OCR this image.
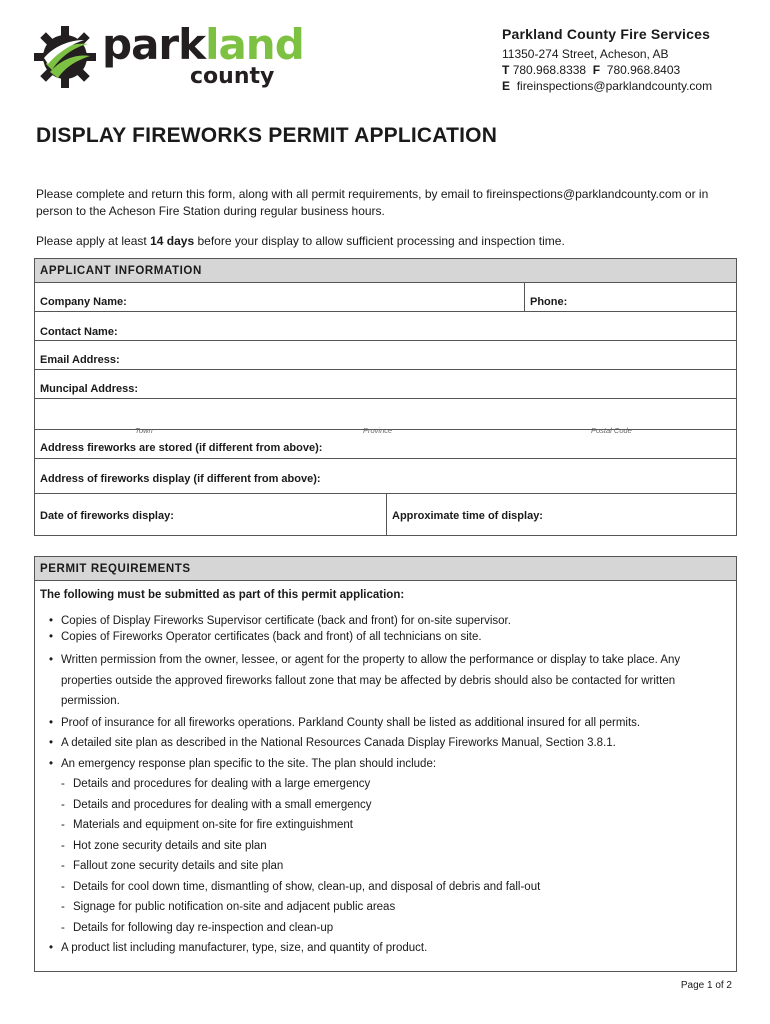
parkland
county
Parkland County Fire Services
11350-274 Street, Acheson, AB
T 780.968.8338 F 780.968.8403
E fireinspections@parklandcounty.com
DISPLAY FIREWORKS PERMIT APPLICATION
Please complete and return this form, along with all permit requirements, by email to fireinspections@parklandcounty.com or in person to the Acheson Fire Station during regular business hours.
Please apply at least 14 days before your display to allow sufficient processing and inspection time.
APPLICANT INFORMATION
Company Name:	Phone:
Contact Name:
Email Address:
Muncipal Address:
Town	Province	Postal Code
Address fireworks are stored (if different from above):
Address of fireworks display (if different from above):
Date of fireworks display:	Approximate time of display:
PERMIT REQUIREMENTS
The following must be submitted as part of this permit application:
• Copies of Display Fireworks Supervisor certificate (back and front) for on-site supervisor.
• Copies of Fireworks Operator certificates (back and front) of all technicians on site.
• Written permission from the owner, lessee, or agent for the property to allow the performance or display to take place. Any properties outside the approved fireworks fallout zone that may be affected by debris should also be contacted for written permission.
• Proof of insurance for all fireworks operations. Parkland County shall be listed as additional insured for all permits.
• A detailed site plan as described in the National Resources Canada Display Fireworks Manual, Section 3.8.1.
• An emergency response plan specific to the site. The plan should include:
- Details and procedures for dealing with a large emergency
- Details and procedures for dealing with a small emergency
- Materials and equipment on-site for fire extinguishment
- Hot zone security details and site plan
- Fallout zone security details and site plan
- Details for cool down time, dismantling of show, clean-up, and disposal of debris and fall-out
- Signage for public notification on-site and adjacent public areas
- Details for following day re-inspection and clean-up
• A product list including manufacturer, type, size, and quantity of product.
Page 1 of 2
